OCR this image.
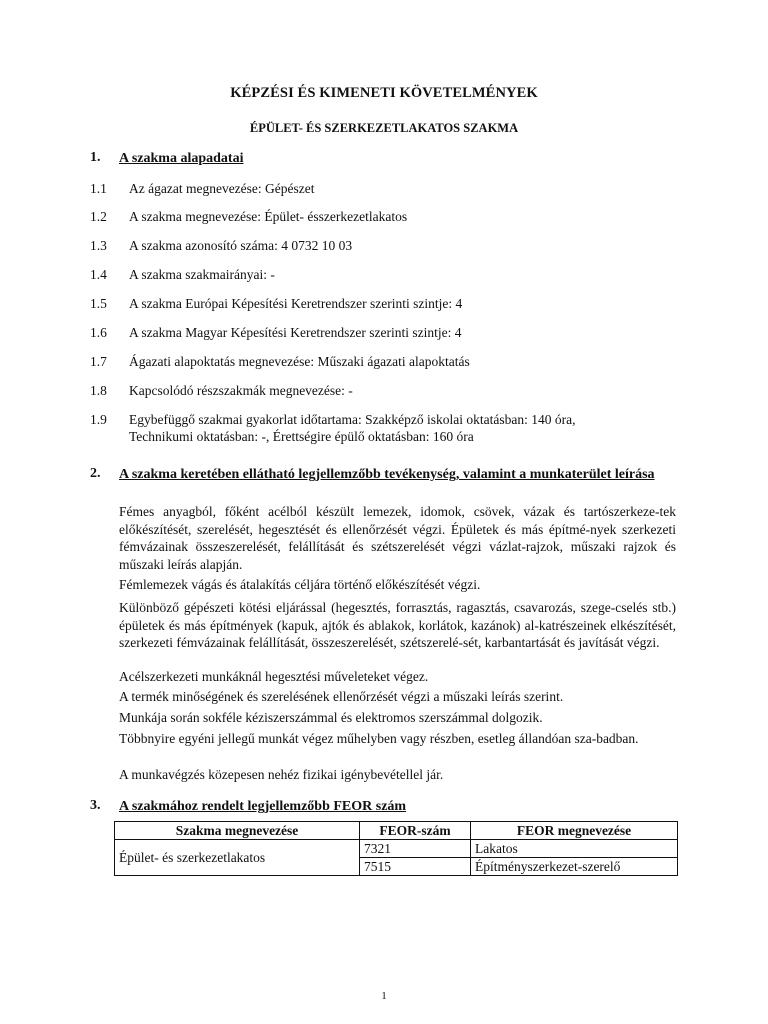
KÉPZÉSI ÉS KIMENETI KÖVETELMÉNYEK
ÉPÜLET- ÉS SZERKEZETLAKATOS SZAKMA
1. A szakma alapadatai
1.1 Az ágazat megnevezése: Gépészet
1.2 A szakma megnevezése: Épület- ésszerkezetlakatos
1.3 A szakma azonosító száma: 4 0732 10 03
1.4 A szakma szakmairányai: -
1.5 A szakma Európai Képesítési Keretrendszer szerinti szintje: 4
1.6 A szakma Magyar Képesítési Keretrendszer szerinti szintje: 4
1.7 Ágazati alapoktatás megnevezése: Műszaki ágazati alapoktatás
1.8 Kapcsolódó részszakmák megnevezése: -
1.9 Egybefüggő szakmai gyakorlat időtartama: Szakképző iskolai oktatásban: 140 óra,
Technikumi oktatásban: -, Érettségire épülő oktatásban: 160 óra
2. A szakma keretében ellátható legjellemzőbb tevékenység, valamint a munkaterület leírása
Fémes anyagból, főként acélból készült lemezek, idomok, csövek, vázak és tartószerkeze-tek előkészítését, szerelését, hegesztését és ellenőrzését végzi. Épületek és más építmé-nyek szerkezeti fémvázainak összeszerelését, felállítását és szétszerelését végzi vázlat-rajzok, műszaki rajzok és műszaki leírás alapján.
Fémlemezek vágás és átalakítás céljára történő előkészítését végzi.
Különböző gépészeti kötési eljárással (hegesztés, forrasztás, ragasztás, csavarozás, szege-cselés stb.) épületek és más építmények (kapuk, ajtók és ablakok, korlátok, kazánok) al-katrészeinek elkészítését, szerkezeti fémvázainak felállítását, összeszerelését, szétszerelé-sét, karbantartását és javítását végzi.
Acélszerkezeti munkáknál hegesztési műveleteket végez.
A termék minőségének és szerelésének ellenőrzését végzi a műszaki leírás szerint.
Munkája során sokféle kéziszerszámmal és elektromos szerszámmal dolgozik.
Többnyire egyéni jellegű munkát végez műhelyben vagy részben, esetleg állandóan sza-badban.
A munkavégzés közepesen nehéz fizikai igénybevétellel jár.
3. A szakmához rendelt legjellemzőbb FEOR szám
Szakma megnevezése	FEOR-szám	FEOR megnevezése
Épület- és szerkezetlakatos	7321	Lakatos
	7515	Építményszerkezet-szerelő
1
